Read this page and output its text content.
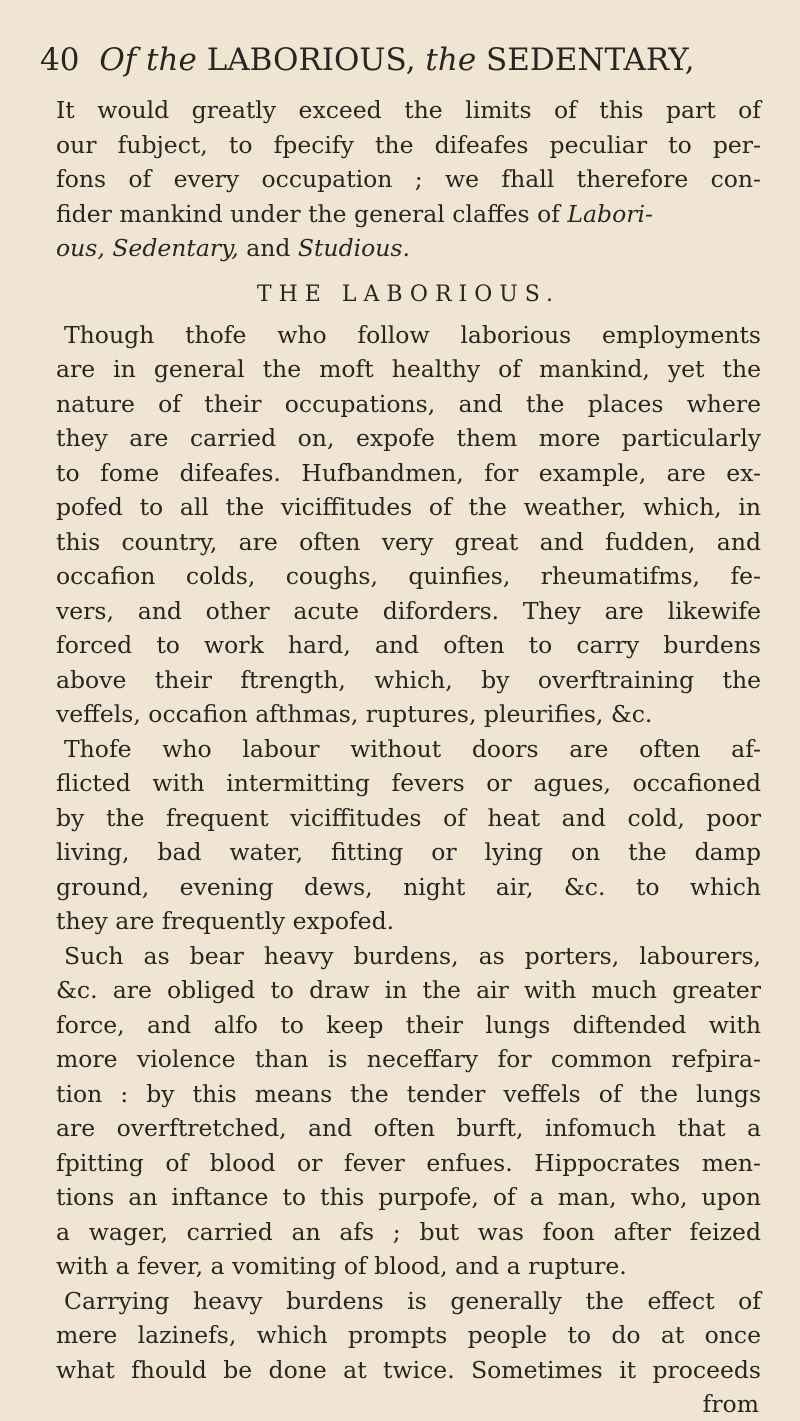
40 Of the LABORIOUS, the SEDENTARY,
It would greatly exceed the limits of this part of
our fubject, to fpecify the difeafes peculiar to per-
fons of every occupation ; we fhall therefore con-
fider mankind under the general claffes of Labori-
ous, Sedentary, and Studious.
THE LABORIOUS.
Though thofe who follow laborious employments
are in general the moft healthy of mankind, yet the
nature of their occupations, and the places where
they are carried on, expofe them more particularly
to fome difeafes. Hufbandmen, for example, are ex-
pofed to all the viciffitudes of the weather, which, in
this country, are often very great and fudden, and
occafion colds, coughs, quinfies, rheumatifms, fe-
vers, and other acute diforders. They are likewife
forced to work hard, and often to carry burdens
above their ftrength, which, by overftraining the
veffels, occafion afthmas, ruptures, pleurifies, &c.
Thofe who labour without doors are often af-
flicted with intermitting fevers or agues, occafioned
by the frequent viciffitudes of heat and cold, poor
living, bad water, fitting or lying on the damp
ground, evening dews, night air, &c. to which
they are frequently expofed.
Such as bear heavy burdens, as porters, labourers,
&c. are obliged to draw in the air with much greater
force, and alfo to keep their lungs diftended with
more violence than is neceffary for common refpira-
tion : by this means the tender veffels of the lungs
are overftretched, and often burft, infomuch that a
fpitting of blood or fever enfues. Hippocrates men-
tions an inftance to this purpofe, of a man, who, upon
a wager, carried an afs ; but was foon after feized
with a fever, a vomiting of blood, and a rupture.
Carrying heavy burdens is generally the effect of
mere lazinefs, which prompts people to do at once
what fhould be done at twice. Sometimes it proceeds
from
